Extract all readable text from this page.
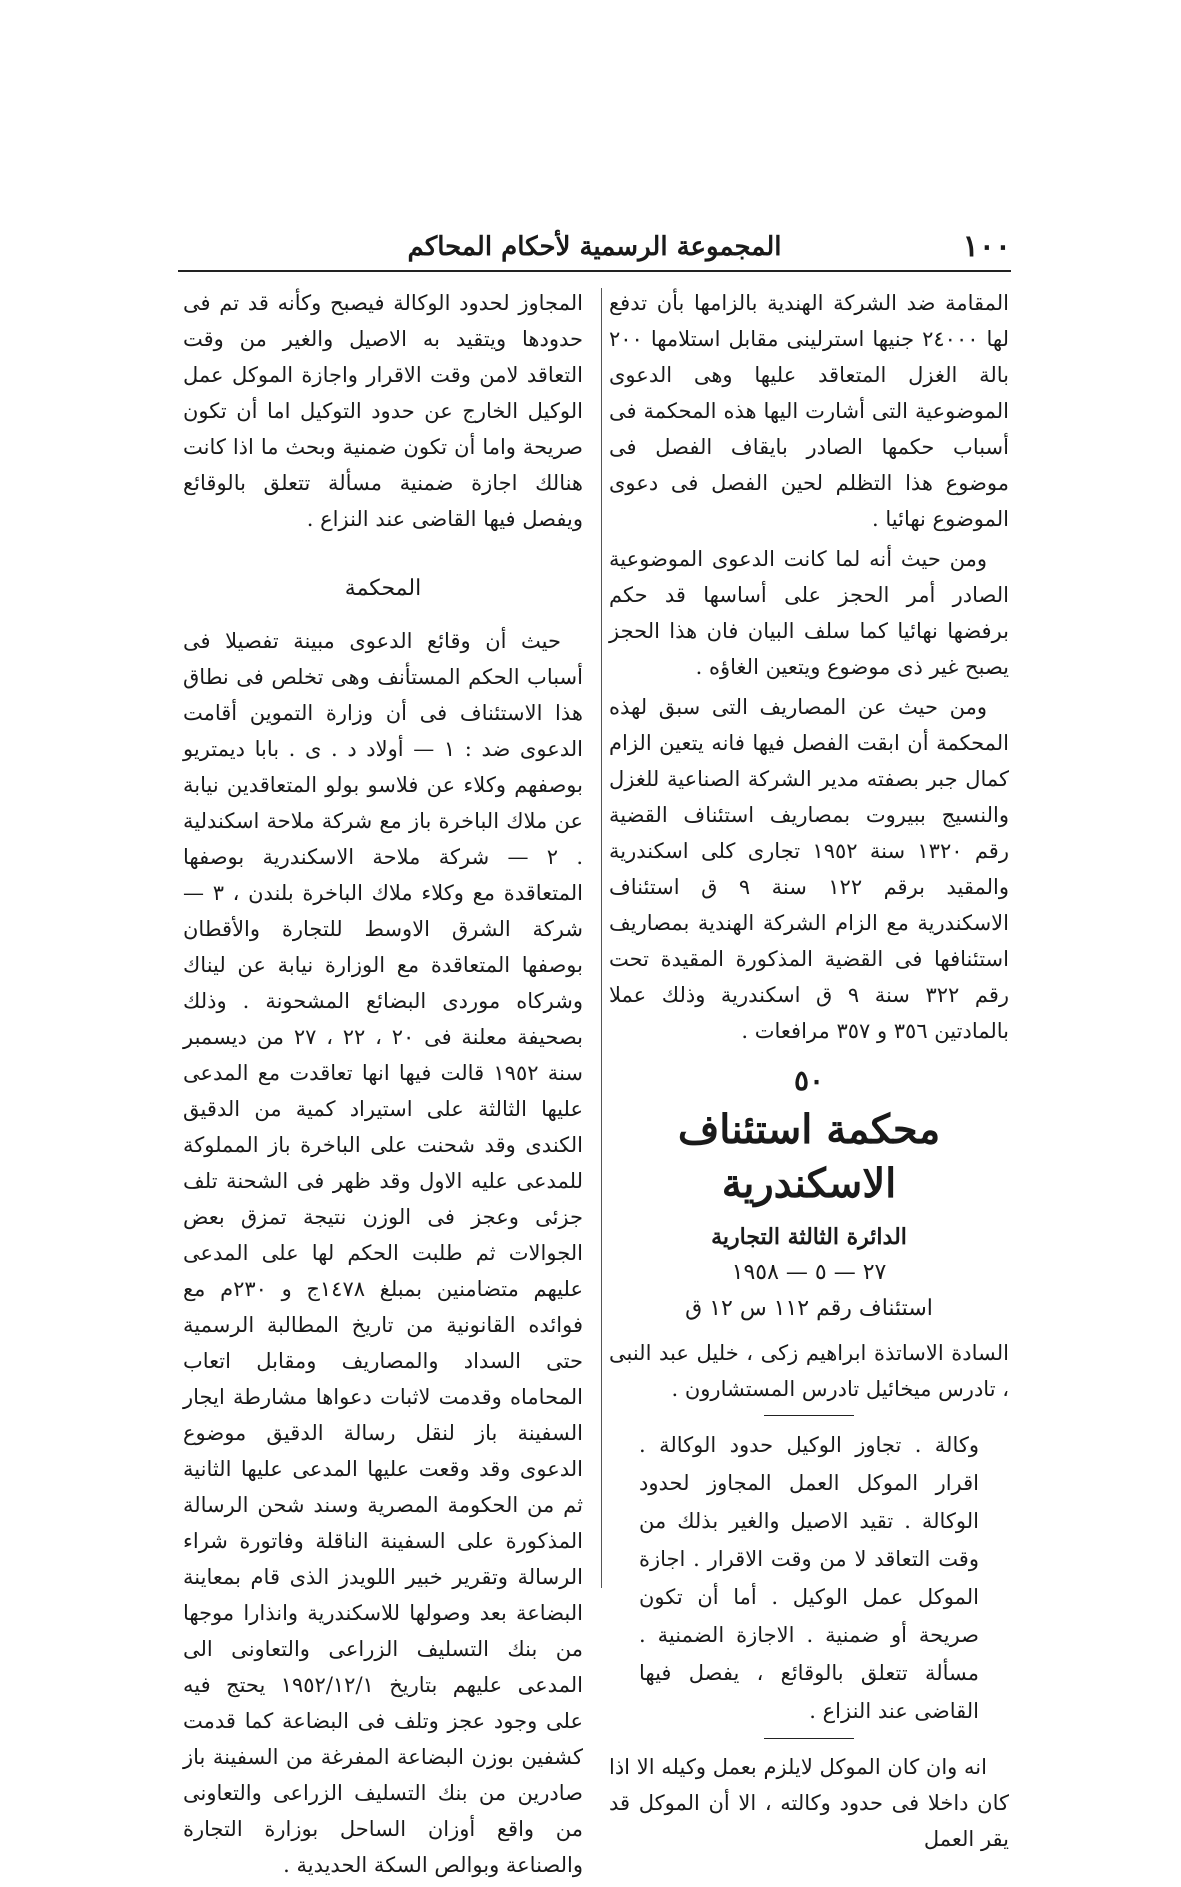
١٠٠
المجموعة الرسمية لأحكام المحاكم

المقامة ضد الشركة الهندية بالزامها بأن تدفع لها ٢٤٠٠٠ جنيها استرلينى مقابل استلامها ٢٠٠ بالة الغزل المتعاقد عليها وهى الدعوى الموضوعية التى أشارت اليها هذه المحكمة فى أسباب حكمها الصادر بايقاف الفصل فى موضوع هذا التظلم لحين الفصل فى دعوى الموضوع نهائيا .

ومن حيث أنه لما كانت الدعوى الموضوعية الصادر أمر الحجز على أساسها قد حكم برفضها نهائيا كما سلف البيان فان هذا الحجز يصبح غير ذى موضوع ويتعين الغاؤه .

ومن حيث عن المصاريف التى سبق لهذه المحكمة أن ابقت الفصل فيها فانه يتعين الزام كمال جبر بصفته مدير الشركة الصناعية للغزل والنسيج ببيروت بمصاريف استئناف القضية رقم ١٣٢٠ سنة ١٩٥٢ تجارى كلى اسكندرية والمقيد برقم ١٢٢ سنة ٩ ق استئناف الاسكندرية مع الزام الشركة الهندية بمصاريف استئنافها فى القضية المذكورة المقيدة تحت رقم ٣٢٢ سنة ٩ ق اسكندرية وذلك عملا بالمادتين ٣٥٦ و ٣٥٧ مرافعات .

٥٠
محكمة استئناف الاسكندرية
الدائرة الثالثة التجارية
٢٧ — ٥ — ١٩٥٨
استئناف رقم ١١٢ س ١٢ ق

السادة الاساتذة ابراهيم زكى ، خليل عبد النبى ، تادرس ميخائيل تادرس المستشارون .

وكالة . تجاوز الوكيل حدود الوكالة . اقرار الموكل العمل المجاوز لحدود الوكالة . تقيد الاصيل والغير بذلك من وقت التعاقد لا من وقت الاقرار . اجازة الموكل عمل الوكيل . أما أن تكون صريحة أو ضمنية . الاجازة الضمنية . مسألة تتعلق بالوقائع ، يفصل فيها القاضى عند النزاع .

انه وان كان الموكل لايلزم بعمل وكيله الا اذا كان داخلا فى حدود وكالته ، الا أن الموكل قد يقر العمل

المجاوز لحدود الوكالة فيصبح وكأنه قد تم فى حدودها ويتقيد به الاصيل والغير من وقت التعاقد لامن وقت الاقرار واجازة الموكل عمل الوكيل الخارج عن حدود التوكيل اما أن تكون صريحة واما أن تكون ضمنية وبحث ما اذا كانت هنالك اجازة ضمنية مسألة تتعلق بالوقائع ويفصل فيها القاضى عند النزاع .

المحكمة

حيث أن وقائع الدعوى مبينة تفصيلا فى أسباب الحكم المستأنف وهى تخلص فى نطاق هذا الاستئناف فى أن وزارة التموين أقامت الدعوى ضد : ١ — أولاد د . ى . بابا ديمتريو بوصفهم وكلاء عن فلاسو بولو المتعاقدين نيابة عن ملاك الباخرة باز مع شركة ملاحة اسكندلية . ٢ — شركة ملاحة الاسكندرية بوصفها المتعاقدة مع وكلاء ملاك الباخرة بلندن ، ٣ — شركة الشرق الاوسط للتجارة والأقطان بوصفها المتعاقدة مع الوزارة نيابة عن ليناك وشركاه موردى البضائع المشحونة . وذلك بصحيفة معلنة فى ٢٠ ، ٢٢ ، ٢٧ من ديسمبر سنة ١٩٥٢ قالت فيها انها تعاقدت مع المدعى عليها الثالثة على استيراد كمية من الدقيق الكندى وقد شحنت على الباخرة باز المملوكة للمدعى عليه الاول وقد ظهر فى الشحنة تلف جزئى وعجز فى الوزن نتيجة تمزق بعض الجوالات ثم طلبت الحكم لها على المدعى عليهم متضامنين بمبلغ ١٤٧٨ج و ٢٣٠م مع فوائده القانونية من تاريخ المطالبة الرسمية حتى السداد والمصاريف ومقابل اتعاب المحاماه وقدمت لاثبات دعواها مشارطة ايجار السفينة باز لنقل رسالة الدقيق موضوع الدعوى وقد وقعت عليها المدعى عليها الثانية ثم من الحكومة المصرية وسند شحن الرسالة المذكورة على السفينة الناقلة وفاتورة شراء الرسالة وتقرير خبير اللويدز الذى قام بمعاينة البضاعة بعد وصولها للاسكندرية وانذارا موجها من بنك التسليف الزراعى والتعاونى الى المدعى عليهم بتاريخ ١٩٥٢/١٢/١ يحتج فيه على وجود عجز وتلف فى البضاعة كما قدمت كشفين بوزن البضاعة المفرغة من السفينة باز صادرين من بنك التسليف الزراعى والتعاونى من واقع أوزان الساحل بوزارة التجارة والصناعة وبوالص السكة الحديدية .
